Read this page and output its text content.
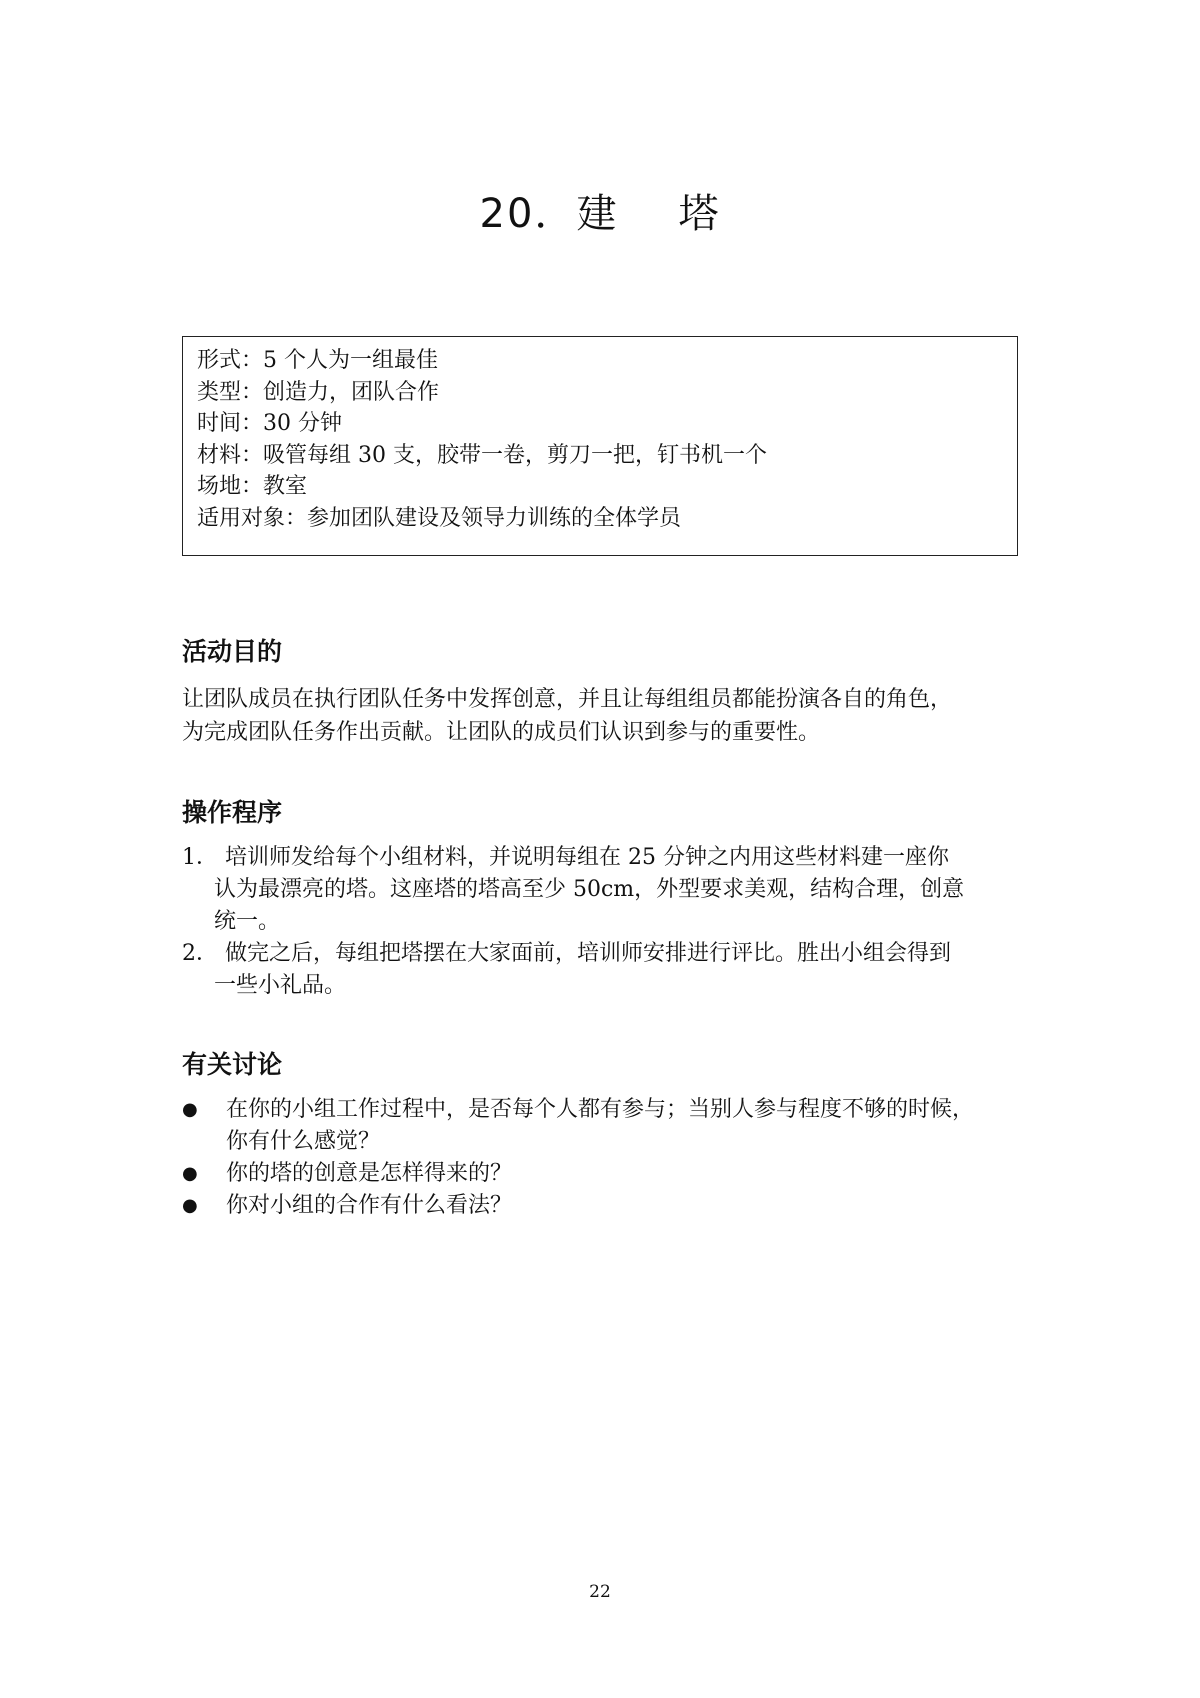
20．建 塔
形式：5 个人为一组最佳
类型：创造力，团队合作
时间：30 分钟
材料：吸管每组 30 支，胶带一卷，剪刀一把，钉书机一个
场地：教室
适用对象：参加团队建设及领导力训练的全体学员
活动目的
让团队成员在执行团队任务中发挥创意，并且让每组组员都能扮演各自的角色，
为完成团队任务作出贡献。让团队的成员们认识到参与的重要性。
操作程序
1． 培训师发给每个小组材料，并说明每组在 25 分钟之内用这些材料建一座你
认为最漂亮的塔。这座塔的塔高至少 50cm，外型要求美观，结构合理，创意
统一。
2． 做完之后，每组把塔摆在大家面前，培训师安排进行评比。胜出小组会得到
一些小礼品。
有关讨论
●	在你的小组工作过程中，是否每个人都有参与；当别人参与程度不够的时候，
你有什么感觉？
●	你的塔的创意是怎样得来的？
●	你对小组的合作有什么看法？
22
